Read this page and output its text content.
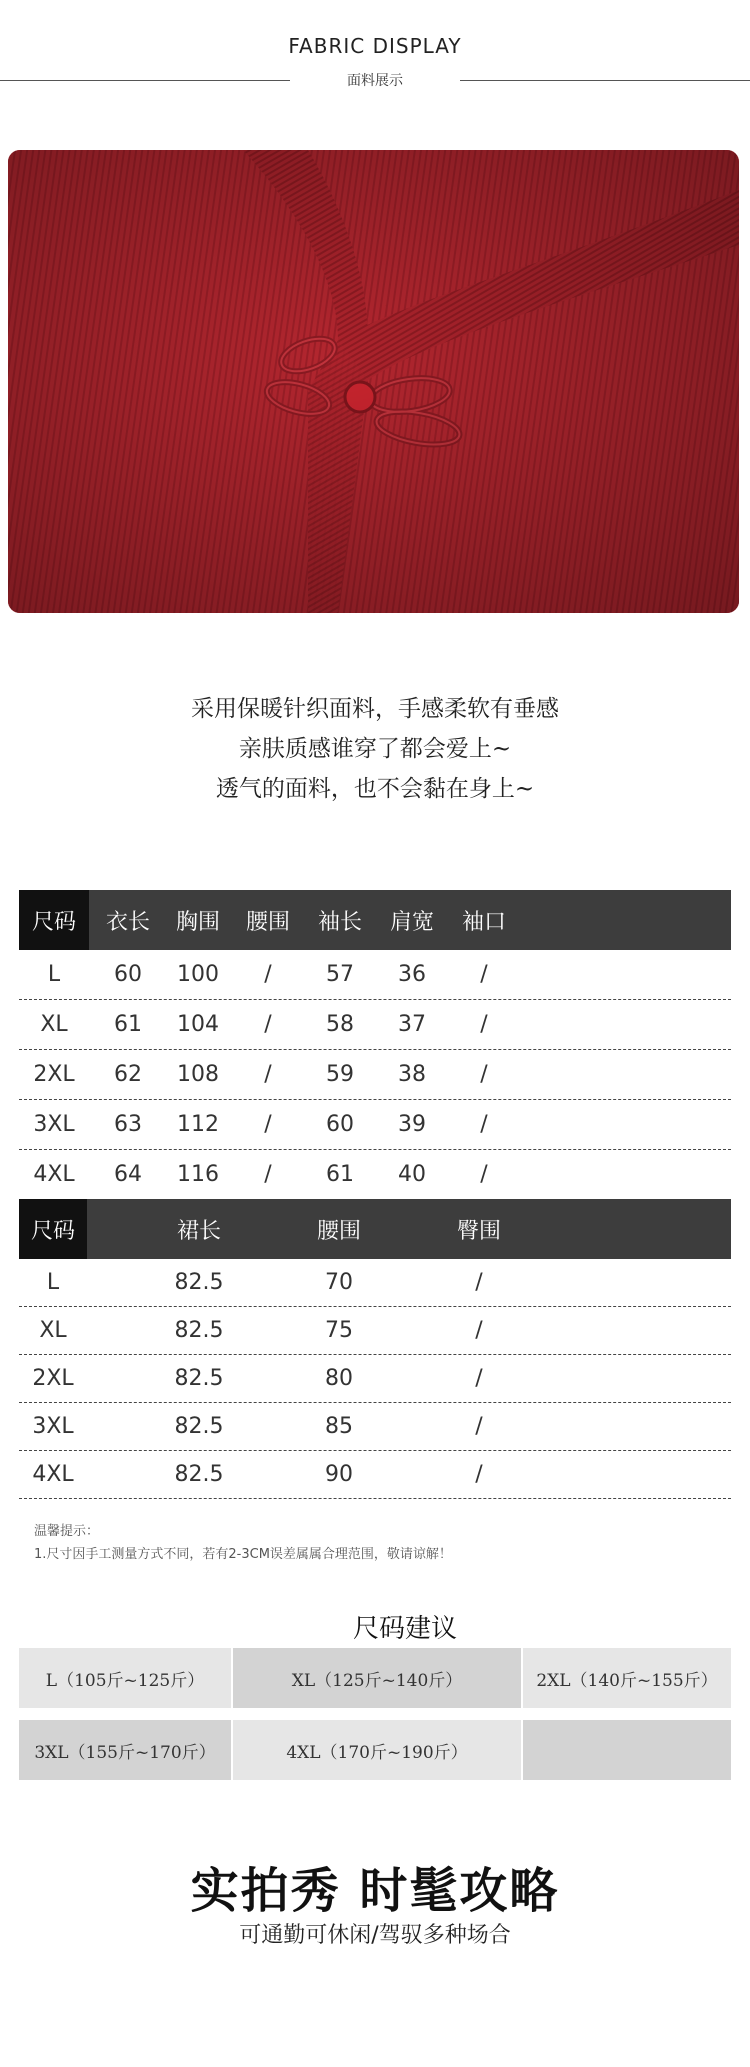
FABRIC DISPLAY
面料展示
采用保暖针织面料，手感柔软有垂感
亲肤质感谁穿了都会爱上~
透气的面料，也不会黏在身上~
尺码	衣长	胸围	腰围	袖长	肩宽	袖口
L	60	100	/	57	36	/
XL	61	104	/	58	37	/
2XL	62	108	/	59	38	/
3XL	63	112	/	60	39	/
4XL	64	116	/	61	40	/
尺码	裙长	腰围	臀围
L	82.5	70	/
XL	82.5	75	/
2XL	82.5	80	/
3XL	82.5	85	/
4XL	82.5	90	/
温馨提示：
1.尺寸因手工测量方式不同，若有2-3CM误差属属合理范围，敬请谅解！
尺码建议
L（105斤~125斤）	XL（125斤~140斤）	2XL（140斤~155斤）
3XL（155斤~170斤）	4XL（170斤~190斤）
实拍秀 时髦攻略
可通勤可休闲/驾驭多种场合
